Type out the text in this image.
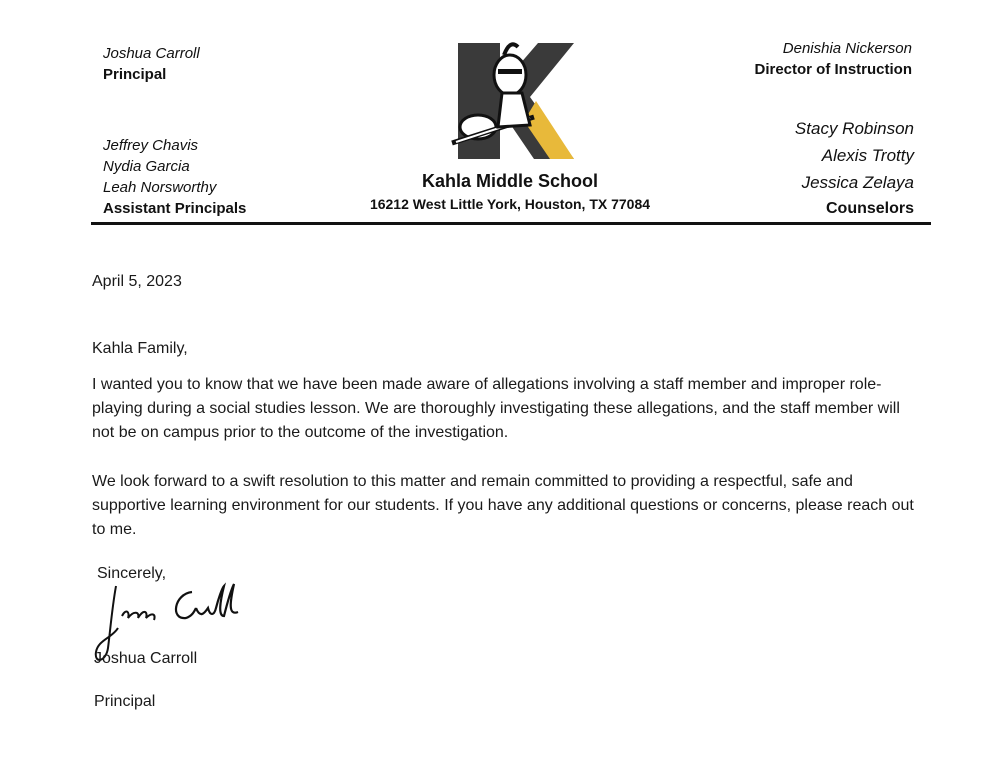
Joshua Carroll
Principal
Jeffrey Chavis
Nydia Garcia
Leah Norsworthy
Assistant Principals
Kahla Middle School
16212 West Little York, Houston, TX 77084
Denishia Nickerson
Director of Instruction
Stacy Robinson
Alexis Trotty
Jessica Zelaya
Counselors
April 5, 2023
Kahla Family,
I wanted you to know that we have been made aware of allegations involving a staff member and improper role-playing during a social studies lesson. We are thoroughly investigating these allegations, and the staff member will not be on campus prior to the outcome of the investigation.
We look forward to a swift resolution to this matter and remain committed to providing a respectful, safe and supportive learning environment for our students. If you have any additional questions or concerns, please reach out to me.
Sincerely,
Joshua Carroll
Principal
